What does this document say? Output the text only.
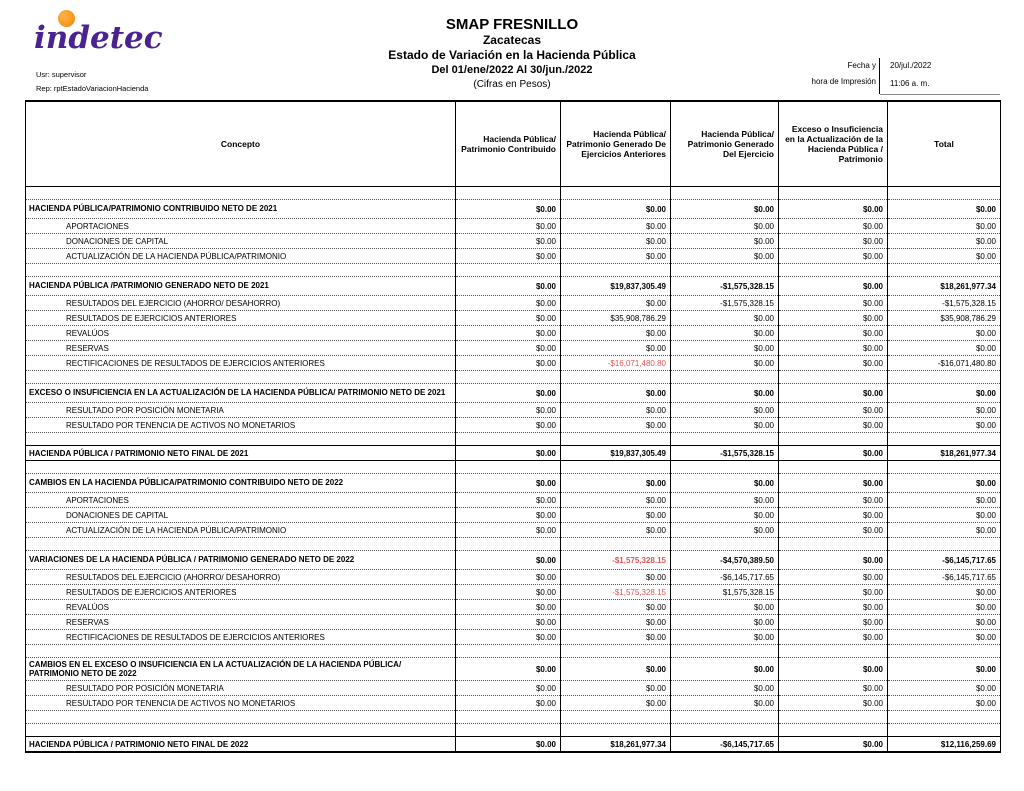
indetec
Usr: supervisor
Rep: rptEstadoVariacionHacienda
SMAP FRESNILLO
Zacatecas
Estado de Variación en la Hacienda Pública
Del 01/ene/2022 Al 30/jun./2022
(Cifras en Pesos)
Fecha y
hora de Impresión
20/jul./2022
11:06 a. m.
Concepto	Hacienda Pública/ Patrimonio Contribuido	Hacienda Pública/ Patrimonio Generado De Ejercicios Anteriores	Hacienda Pública/ Patrimonio Generado Del Ejercicio	Exceso o Insuficiencia en la Actualización de la Hacienda Pública / Patrimonio	Total

HACIENDA PÚBLICA/PATRIMONIO CONTRIBUIDO NETO DE 2021	$0.00	$0.00	$0.00	$0.00	$0.00
APORTACIONES	$0.00	$0.00	$0.00	$0.00	$0.00
DONACIONES DE CAPITAL	$0.00	$0.00	$0.00	$0.00	$0.00
ACTUALIZACIÓN DE LA HACIENDA PÚBLICA/PATRIMONIO	$0.00	$0.00	$0.00	$0.00	$0.00

HACIENDA PÚBLICA /PATRIMONIO GENERADO NETO DE 2021	$0.00	$19,837,305.49	-$1,575,328.15	$0.00	$18,261,977.34
RESULTADOS DEL EJERCICIO (AHORRO/ DESAHORRO)	$0.00	$0.00	-$1,575,328.15	$0.00	-$1,575,328.15
RESULTADOS DE EJERCICIOS ANTERIORES	$0.00	$35,908,786.29	$0.00	$0.00	$35,908,786.29
REVALÚOS	$0.00	$0.00	$0.00	$0.00	$0.00
RESERVAS	$0.00	$0.00	$0.00	$0.00	$0.00
RECTIFICACIONES DE RESULTADOS DE EJERCICIOS ANTERIORES	$0.00	-$16,071,480.80	$0.00	$0.00	-$16,071,480.80

EXCESO O INSUFICIENCIA EN LA ACTUALIZACIÓN DE LA HACIENDA PÚBLICA/ PATRIMONIO NETO DE 2021	$0.00	$0.00	$0.00	$0.00	$0.00
RESULTADO POR POSICIÓN MONETARIA	$0.00	$0.00	$0.00	$0.00	$0.00
RESULTADO POR TENENCIA DE ACTIVOS NO MONETARIOS	$0.00	$0.00	$0.00	$0.00	$0.00

HACIENDA PÚBLICA / PATRIMONIO NETO FINAL DE 2021	$0.00	$19,837,305.49	-$1,575,328.15	$0.00	$18,261,977.34

CAMBIOS EN LA HACIENDA PÚBLICA/PATRIMONIO CONTRIBUIDO NETO DE 2022	$0.00	$0.00	$0.00	$0.00	$0.00
APORTACIONES	$0.00	$0.00	$0.00	$0.00	$0.00
DONACIONES DE CAPITAL	$0.00	$0.00	$0.00	$0.00	$0.00
ACTUALIZACIÓN DE LA HACIENDA PÚBLICA/PATRIMONIO	$0.00	$0.00	$0.00	$0.00	$0.00

VARIACIONES DE LA HACIENDA PÚBLICA / PATRIMONIO GENERADO NETO DE 2022	$0.00	-$1,575,328.15	-$4,570,389.50	$0.00	-$6,145,717.65
RESULTADOS DEL EJERCICIO (AHORRO/ DESAHORRO)	$0.00	$0.00	-$6,145,717.65	$0.00	-$6,145,717.65
RESULTADOS DE EJERCICIOS ANTERIORES	$0.00	-$1,575,328.15	$1,575,328.15	$0.00	$0.00
REVALÚOS	$0.00	$0.00	$0.00	$0.00	$0.00
RESERVAS	$0.00	$0.00	$0.00	$0.00	$0.00
RECTIFICACIONES DE RESULTADOS DE EJERCICIOS ANTERIORES	$0.00	$0.00	$0.00	$0.00	$0.00

CAMBIOS EN EL EXCESO O INSUFICIENCIA EN LA ACTUALIZACIÓN DE LA HACIENDA PÚBLICA/ PATRIMONIO NETO DE 2022	$0.00	$0.00	$0.00	$0.00	$0.00
RESULTADO POR POSICIÓN MONETARIA	$0.00	$0.00	$0.00	$0.00	$0.00
RESULTADO POR TENENCIA DE ACTIVOS NO MONETARIOS	$0.00	$0.00	$0.00	$0.00	$0.00

HACIENDA PÚBLICA / PATRIMONIO NETO FINAL DE 2022	$0.00	$18,261,977.34	-$6,145,717.65	$0.00	$12,116,259.69
